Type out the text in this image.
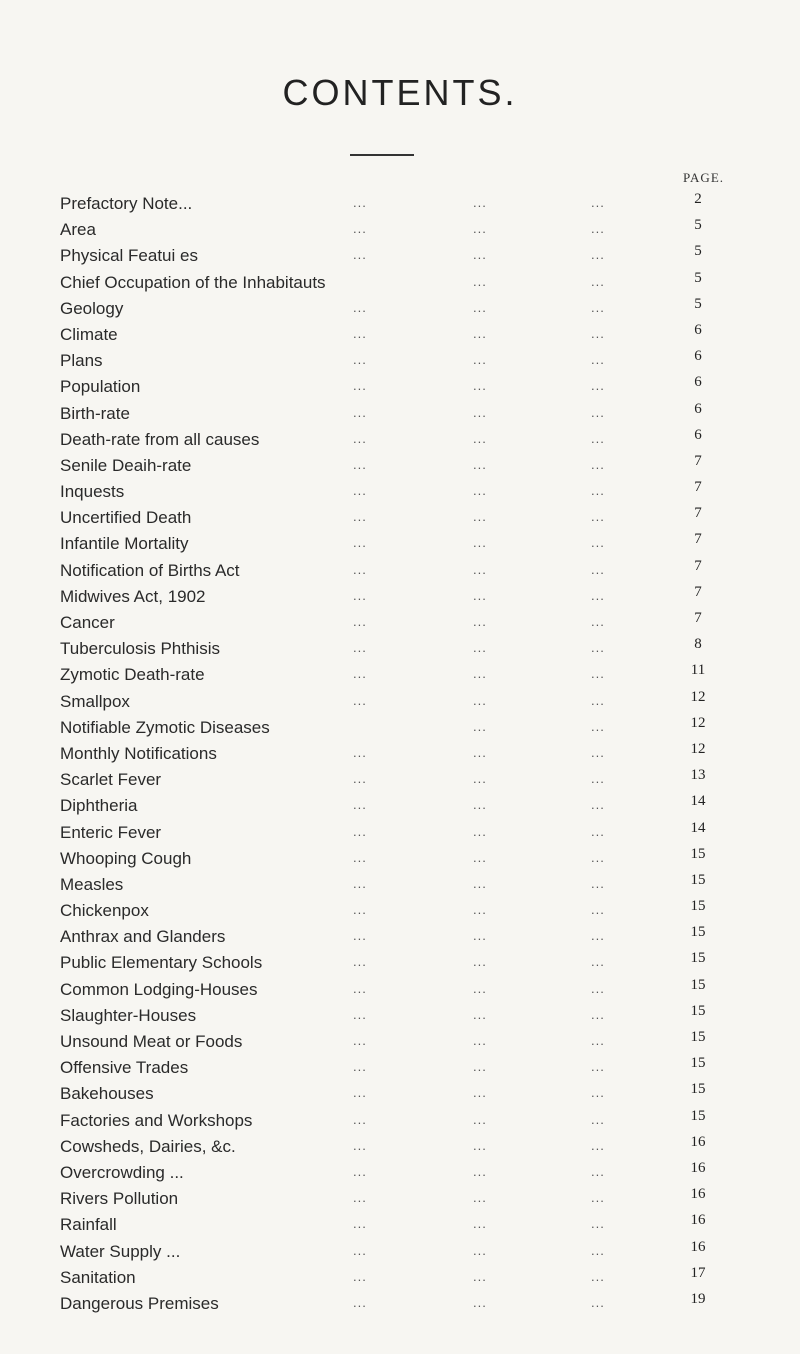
CONTENTS.
PAGE.
Prefactory Note...	...	...	...	2
Area	...	...	...	5
Physical Featui es	...	...	...	5
Chief Occupation of the Inhabitauts	...	...	5
Geology	...	...	...	5
Climate	...	...	...	6
Plans	...	...	...	6
Population	...	...	...	6
Birth-rate	...	...	...	6
Death-rate from all causes	...	...	...	6
Senile Deaih-rate	...	...	...	7
Inquests	...	...	...	7
Uncertified Death	...	...	...	7
Infantile Mortality	...	...	...	7
Notification of Births Act	...	...	...	7
Midwives Act, 1902	...	...	...	7
Cancer	...	...	...	7
Tuberculosis Phthisis	...	...	...	8
Zymotic Death-rate	...	...	...	11
Smallpox	...	...	...	12
Notifiable Zymotic Diseases	...	...	12
Monthly Notifications	...	...	...	12
Scarlet Fever	...	...	...	13
Diphtheria	...	...	...	14
Enteric Fever	...	...	...	14
Whooping Cough	...	...	...	15
Measles	...	...	...	15
Chickenpox	...	...	...	15
Anthrax and Glanders	...	...	...	15
Public Elementary Schools	...	...	...	15
Common Lodging-Houses	...	...	...	15
Slaughter-Houses	...	...	...	15
Unsound Meat or Foods	...	...	...	15
Offensive Trades	...	...	...	15
Bakehouses	...	...	...	15
Factories and Workshops	...	...	...	15
Cowsheds, Dairies, &c.	...	...	...	16
Overcrowding ...	...	...	...	16
Rivers Pollution	...	...	...	16
Rainfall	...	...	...	16
Water Supply ...	...	...	...	16
Sanitation	...	...	...	17
Dangerous Premises	...	...	...	19
